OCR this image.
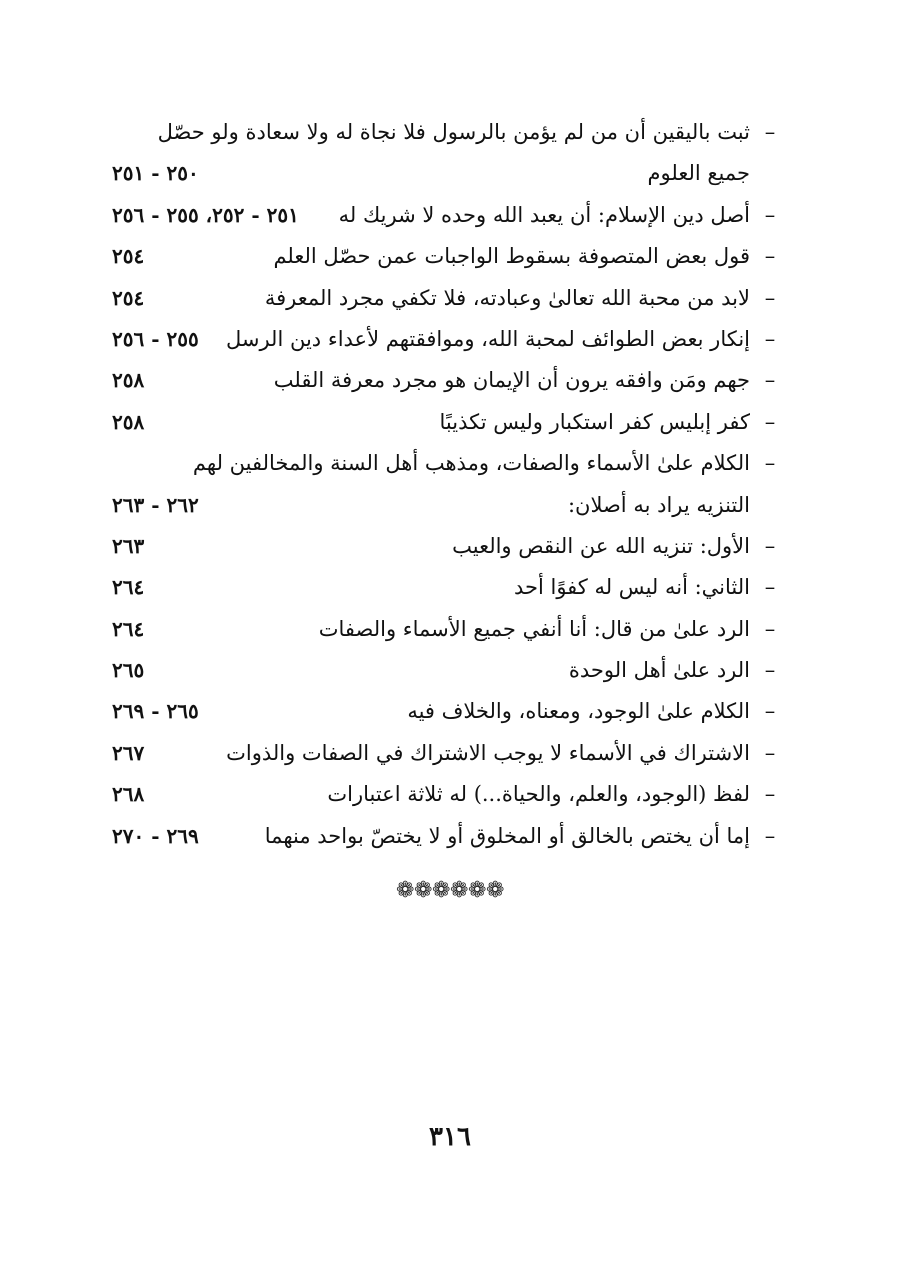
–
ثبت باليقين أن من لم يؤمن بالرسول فلا نجاة له ولا سعادة ولو حصّل
جميع العلوم
٢٥٠ - ٢٥١
–
أصل دين الإسلام: أن يعبد الله وحده لا شريك له
٢٥١ - ٢٥٢، ٢٥٥ - ٢٥٦
–
قول بعض المتصوفة بسقوط الواجبات عمن حصّل العلم
٢٥٤
–
لابد من محبة الله تعالىٰ وعبادته، فلا تكفي مجرد المعرفة
٢٥٤
–
إنكار بعض الطوائف لمحبة الله، وموافقتهم لأعداء دين الرسل
٢٥٥ - ٢٥٦
–
جهم ومَن وافقه يرون أن الإيمان هو مجرد معرفة القلب
٢٥٨
–
كفر إبليس كفر استكبار وليس تكذيبًا
٢٥٨
–
الكلام علىٰ الأسماء والصفات، ومذهب أهل السنة والمخالفين لهم
التنزيه يراد به أصلان:
٢٦٢ - ٢٦٣
–
الأول: تنزيه الله عن النقص والعيب
٢٦٣
–
الثاني: أنه ليس له كفوًا أحد
٢٦٤
–
الرد علىٰ من قال: أنا أنفي جميع الأسماء والصفات
٢٦٤
–
الرد علىٰ أهل الوحدة
٢٦٥
–
الكلام علىٰ الوجود، ومعناه، والخلاف فيه
٢٦٥ - ٢٦٩
–
الاشتراك في الأسماء لا يوجب الاشتراك في الصفات والذوات
٢٦٧
–
لفظ (الوجود، والعلم، والحياة...) له ثلاثة اعتبارات
٢٦٨
–
إما أن يختص بالخالق أو المخلوق أو لا يختصّ بواحد منهما
٢٦٩ - ٢٧٠
❁❁❁❁❁❁
٣١٦
